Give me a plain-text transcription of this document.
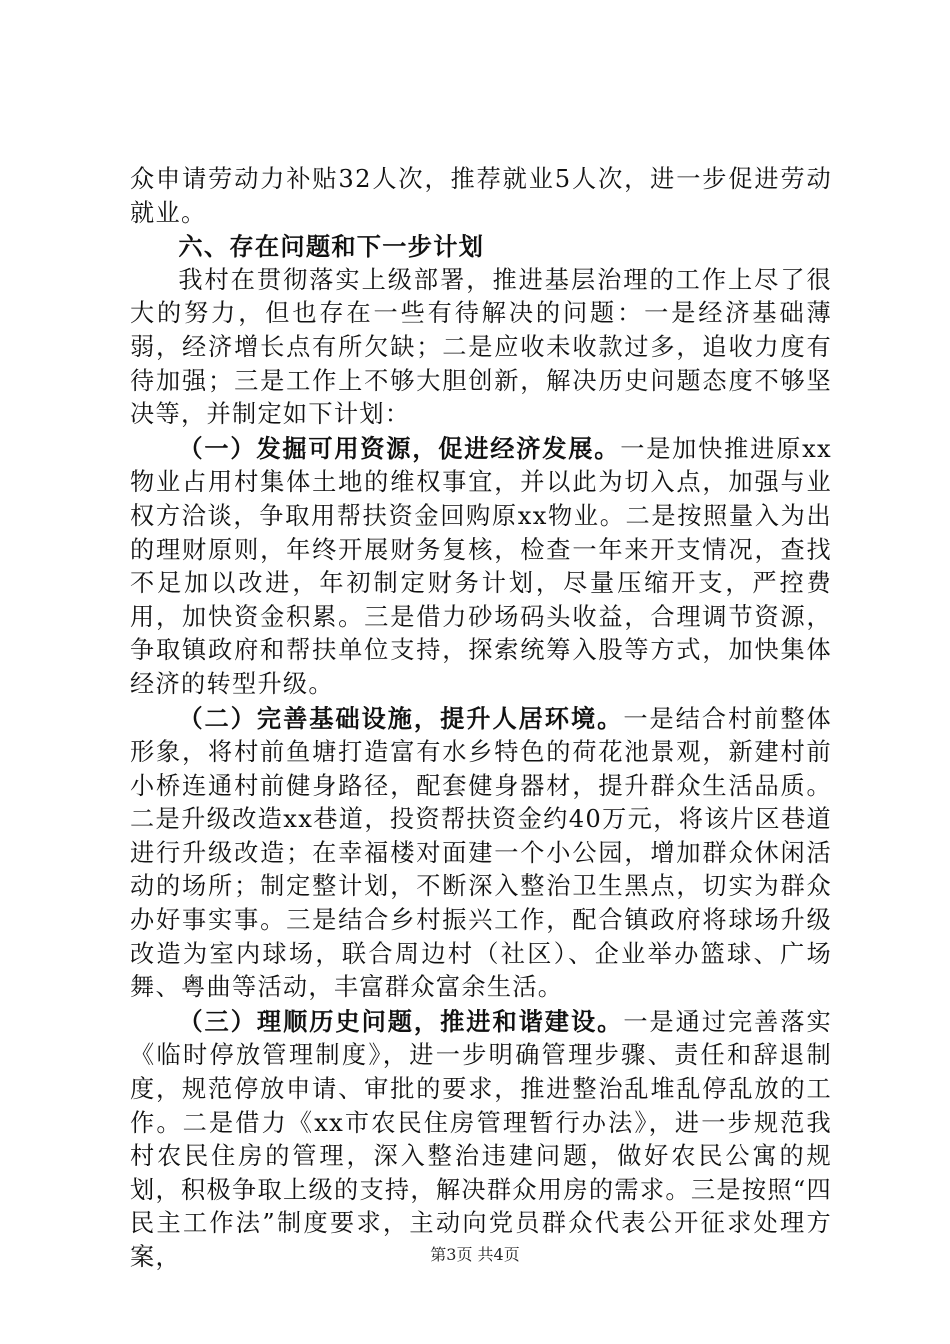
众申请劳动力补贴32人次，推荐就业5人次，进一步促进劳动就业。

六、存在问题和下一步计划

我村在贯彻落实上级部署，推进基层治理的工作上尽了很大的努力，但也存在一些有待解决的问题：一是经济基础薄弱，经济增长点有所欠缺；二是应收未收款过多，追收力度有待加强；三是工作上不够大胆创新，解决历史问题态度不够坚决等，并制定如下计划：

（一）发掘可用资源，促进经济发展。一是加快推进原xx物业占用村集体土地的维权事宜，并以此为切入点，加强与业权方洽谈，争取用帮扶资金回购原xx物业。二是按照量入为出的理财原则，年终开展财务复核，检查一年来开支情况，查找不足加以改进，年初制定财务计划，尽量压缩开支，严控费用，加快资金积累。三是借力砂场码头收益，合理调节资源，争取镇政府和帮扶单位支持，探索统筹入股等方式，加快集体经济的转型升级。

（二）完善基础设施，提升人居环境。一是结合村前整体形象，将村前鱼塘打造富有水乡特色的荷花池景观，新建村前小桥连通村前健身路径，配套健身器材，提升群众生活品质。二是升级改造xx巷道，投资帮扶资金约40万元，将该片区巷道进行升级改造；在幸福楼对面建一个小公园，增加群众休闲活动的场所；制定整计划，不断深入整治卫生黑点，切实为群众办好事实事。三是结合乡村振兴工作，配合镇政府将球场升级改造为室内球场，联合周边村（社区）、企业举办篮球、广场舞、粤曲等活动，丰富群众富余生活。

（三）理顺历史问题，推进和谐建设。一是通过完善落实《临时停放管理制度》，进一步明确管理步骤、责任和辞退制度，规范停放申请、审批的要求，推进整治乱堆乱停乱放的工作。二是借力《xx市农民住房管理暂行办法》，进一步规范我村农民住房的管理，深入整治违建问题，做好农民公寓的规划，积极争取上级的支持，解决群众用房的需求。三是按照“四民主工作法”制度要求，主动向党员群众代表公开征求处理方案，	第3页 共4页
